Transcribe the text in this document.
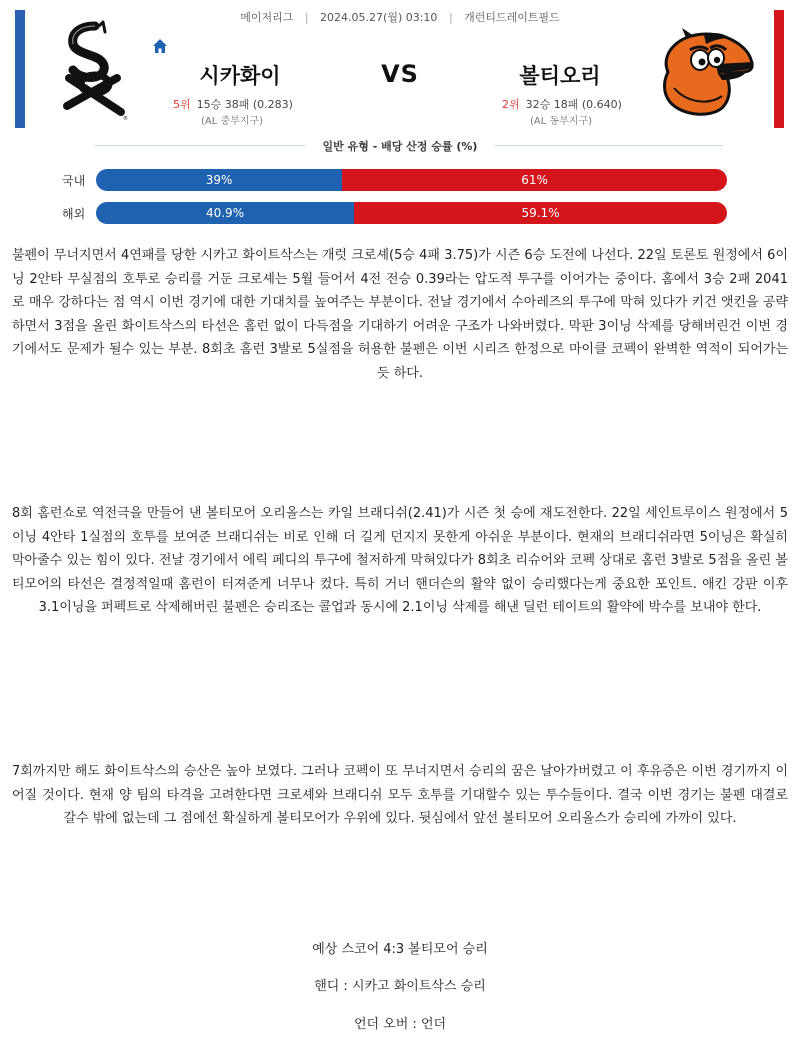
메이저리그 | 2024.05.27(월) 03:10 | 개런티드레이트필드
®
시카화이	VS	볼티오리
5위 15승 38패 (0.283)
(AL 중부지구)
2위 32승 18패 (0.640)
(AL 동부지구)
일반 유형 - 배당 산정 승률 (%)
국내	39%	61%
해외	40.9%	59.1%
불펜이 무너지면서 4연패를 당한 시카고 화이트삭스는 개럿 크로셰(5승 4패 3.75)가 시즌 6승 도전에 나선다. 22일 토론토 원정에서 6이닝 2안타 무실점의 호투로 승리를 거둔 크로셰는 5월 들어서 4전 전승 0.39라는 압도적 투구를 이어가는 중이다. 홈에서 3승 2패 2041로 매우 강하다는 점 역시 이번 경기에 대한 기대치를 높여주는 부분이다. 전날 경기에서 수아레즈의 투구에 막혀 있다가 키건 앳킨을 공략하면서 3점을 올린 화이트삭스의 타선은 홈런 없이 다득점을 기대하기 어려운 구조가 나와버렸다. 막판 3이닝 삭제를 당해버린건 이번 경기에서도 문제가 될수 있는 부분. 8회초 홈런 3발로 5실점을 허용한 불펜은 이번 시리즈 한정으로 마이클 코펙이 완벽한 역적이 되어가는듯 하다.
8회 홈런쇼로 역전극을 만들어 낸 볼티모어 오리올스는 카일 브래디쉬(2.41)가 시즌 첫 승에 재도전한다. 22일 세인트루이스 원정에서 5이닝 4안타 1실점의 호투를 보여준 브래디쉬는 비로 인해 더 길게 던지지 못한게 아쉬운 부분이다. 현재의 브래디쉬라면 5이닝은 확실히 막아줄수 있는 힘이 있다. 전날 경기에서 에릭 페디의 투구에 철저하게 막혀있다가 8회초 리슈어와 코펙 상대로 홈런 3발로 5점을 올린 볼티모어의 타선은 결정적일때 홈런이 터져준게 너무나 컸다. 특히 거너 핸더슨의 활약 없이 승리했다는게 중요한 포인트. 애킨 강판 이후 3.1이닝을 퍼펙트로 삭제해버린 불펜은 승리조는 콜업과 동시에 2.1이닝 삭제를 해낸 딜런 테이트의 활약에 박수를 보내야 한다.
7회까지만 해도 화이트삭스의 승산은 높아 보였다. 그러나 코펙이 또 무너지면서 승리의 꿈은 날아가버렸고 이 후유증은 이번 경기까지 이어질 것이다. 현재 양 팀의 타격을 고려한다면 크로셰와 브래디쉬 모두 호투를 기대할수 있는 투수들이다. 결국 이번 경기는 불펜 대결로 갈수 밖에 없는데 그 점에선 확실하게 볼티모어가 우위에 있다. 뒷심에서 앞선 볼티모어 오리올스가 승리에 가까이 있다.
예상 스코어 4:3 볼티모어 승리
핸디 : 시카고 화이트삭스 승리
언더 오버 : 언더
